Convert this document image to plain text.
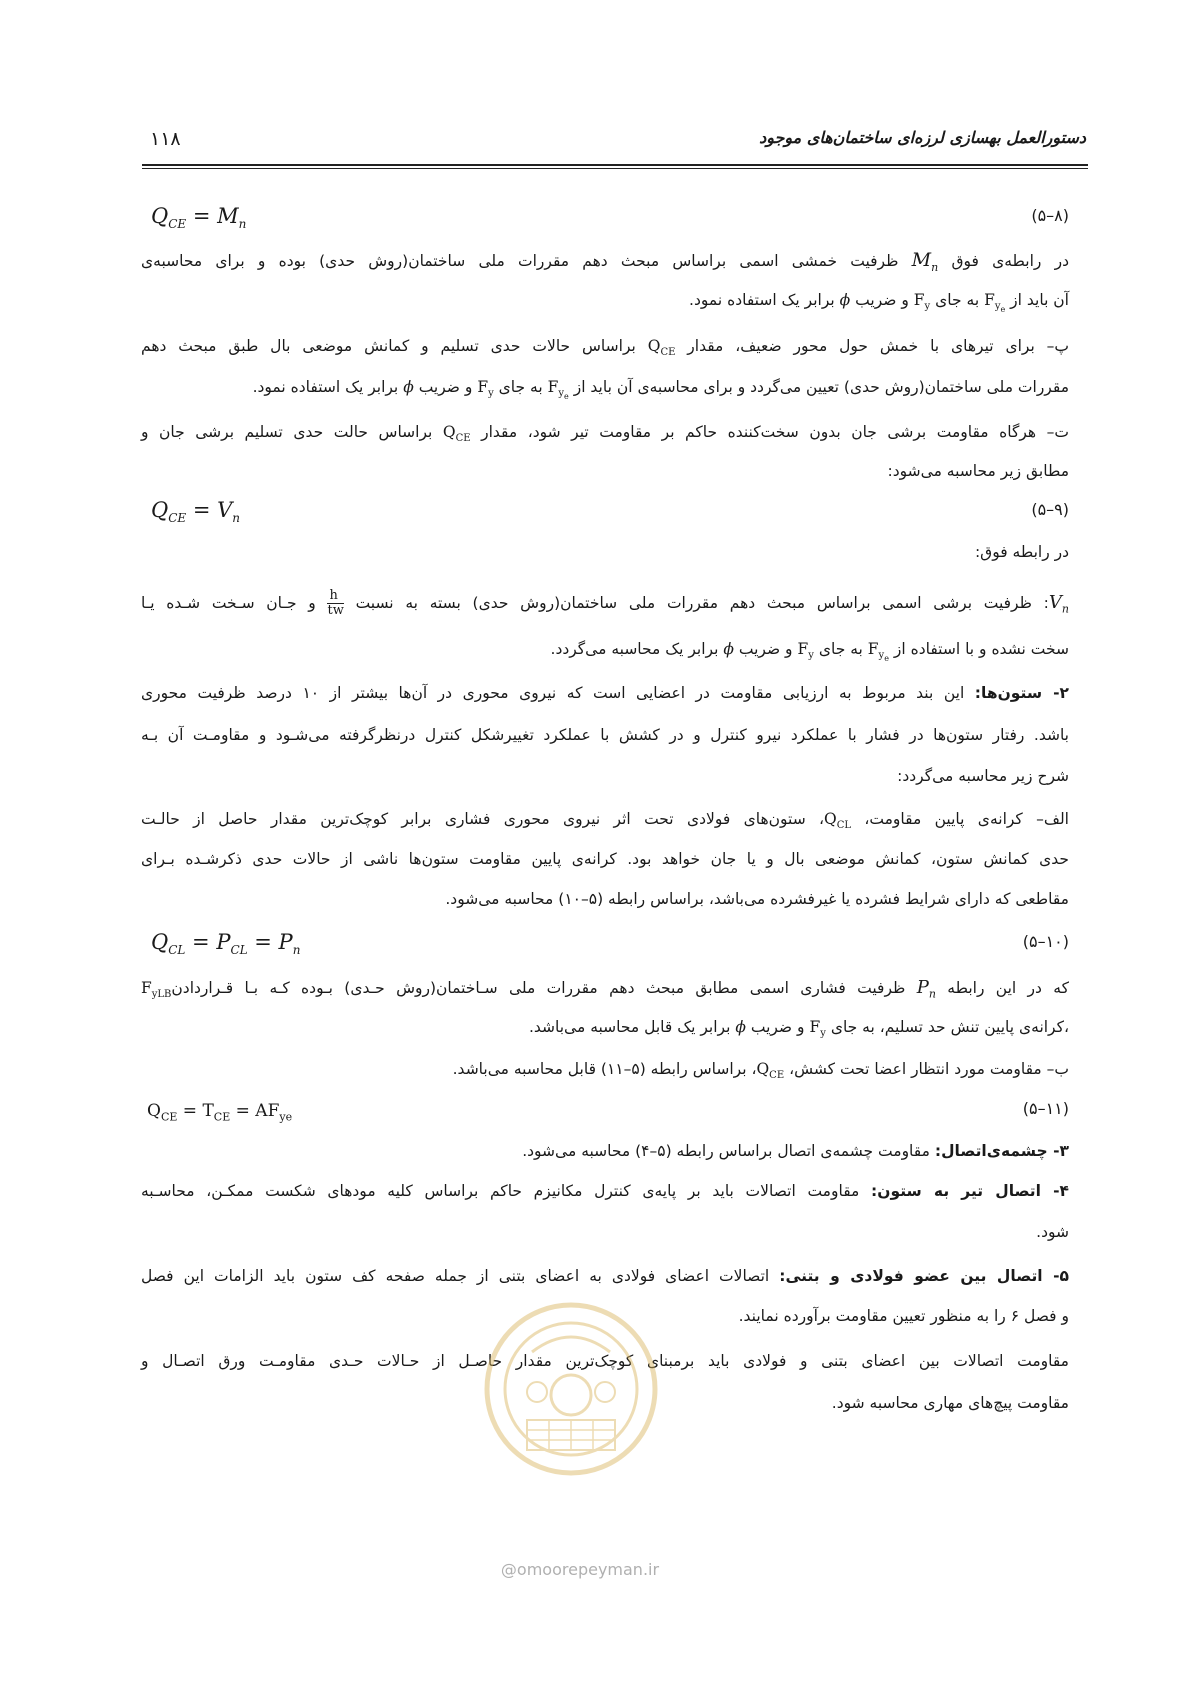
۱۱۸	دستورالعمل بهسازی لرزه‌ای ساختمان‌های موجود
$Q_{CE} = M_n$	(۸–۵)
در رابطه‌ی فوق $M_n$ ظرفیت خمشی اسمی براساس مبحث دهم مقررات ملی ساختمان(روش حدی) بوده و برای محاسبه‌ی
آن باید از $F_{y_e}$ به جای $F_y$ و ضریب ϕ برابر یک استفاده نمود.
پ– برای تیرهای با خمش حول محور ضعیف، مقدار $Q_{CE}$ براساس حالات حدی تسلیم و کمانش موضعی بال طبق مبحث دهم
مقررات ملی ساختمان(روش حدی) تعیین می‌گردد و برای محاسبه‌ی آن باید از $F_{y_e}$ به جای $F_y$ و ضریب ϕ برابر یک استفاده نمود.
ت– هرگاه مقاومت برشی جان بدون سخت‌کننده حاکم بر مقاومت تیر شود، مقدار $Q_{CE}$ براساس حالت حدی تسلیم برشی جان و
مطابق زیر محاسبه می‌شود:
$Q_{CE} = V_n$	(۹–۵)
در رابطه فوق:
$V_n$: ظرفیت برشی اسمی براساس مبحث دهم مقررات ملی ساختمان(روش حدی) بسته به نسبت
$\frac{h}{tw}$
و جـان سـخت شـده یـا
سخت نشده و با استفاده از $F_{y_e}$ به جای $F_y$ و ضریب ϕ برابر یک محاسبه می‌گردد.
۲- ستون‌ها: این بند مربوط به ارزیابی مقاومت در اعضایی است که نیروی محوری در آن‌ها بیشتر از ۱۰ درصد ظرفیت محوری
باشد. رفتار ستون‌ها در فشار با عملکرد نیرو کنترل و در کشش با عملکرد تغییرشکل کنترل درنظرگرفته می‌شـود و مقاومـت آن بـه
شرح زیر محاسبه می‌گردد:
الف– کرانه‌ی پایین مقاومت، $Q_{CL}،$ ستون‌های فولادی تحت اثر نیروی محوری فشاری برابر کوچک‌ترین مقدار حاصل از حالـت
حدی کمانش ستون، کمانش موضعی بال و یا جان خواهد بود. کرانه‌ی پایین مقاومت ستون‌ها ناشی از حالات حدی ذکرشـده بـرای
مقاطعی که دارای شرایط فشرده یا غیرفشرده می‌باشد، براساس رابطه (۵–۱۰) محاسبه می‌شود.
$Q_{CL} = P_{CL} = P_n$	(۱۰–۵)
که در این رابطه $P_n$ ظرفیت فشاری اسمی مطابق مبحث دهم مقررات ملی سـاختمان(روش حـدی) بـوده کـه بـا قـراردادنF$_{yLB}$
،کرانه‌ی پایین تنش حد تسلیم، به جای $F_y$ و ضریب ϕ برابر یک قابل محاسبه می‌باشد.
ب– مقاومت مورد انتظار اعضا تحت کشش، $Q_{CE}،$ براساس رابطه (۵–۱۱) قابل محاسبه می‌باشد.
$Q_{CE} = T_{CE} = AF_{ye}$	(۱۱–۵)
۳- چشمه‌ی‌اتصال: مقاومت چشمه‌ی اتصال براساس رابطه (۵–۴) محاسبه می‌شود.
۴- اتصال تیر به ستون: مقاومت اتصالات باید بر پایه‌ی کنترل مکانیزم حاکم براساس کلیه مودهای شکست ممکـن، محاسـبه
شود.
۵- اتصال بین عضو فولادی و بتنی: اتصالات اعضای فولادی به اعضای بتنی از جمله صفحه کف ستون باید الزامات این فصل
و فصل ۶ را به منظور تعیین مقاومت برآورده نمایند.
مقاومت اتصالات بین اعضای بتنی و فولادی باید برمبنای کوچک‌ترین مقدار حاصـل از حـالات حـدی مقاومـت ورق اتصـال و
مقاومت پیچ‌های مهاری محاسبه شود.
@omoorepeyman.ir
